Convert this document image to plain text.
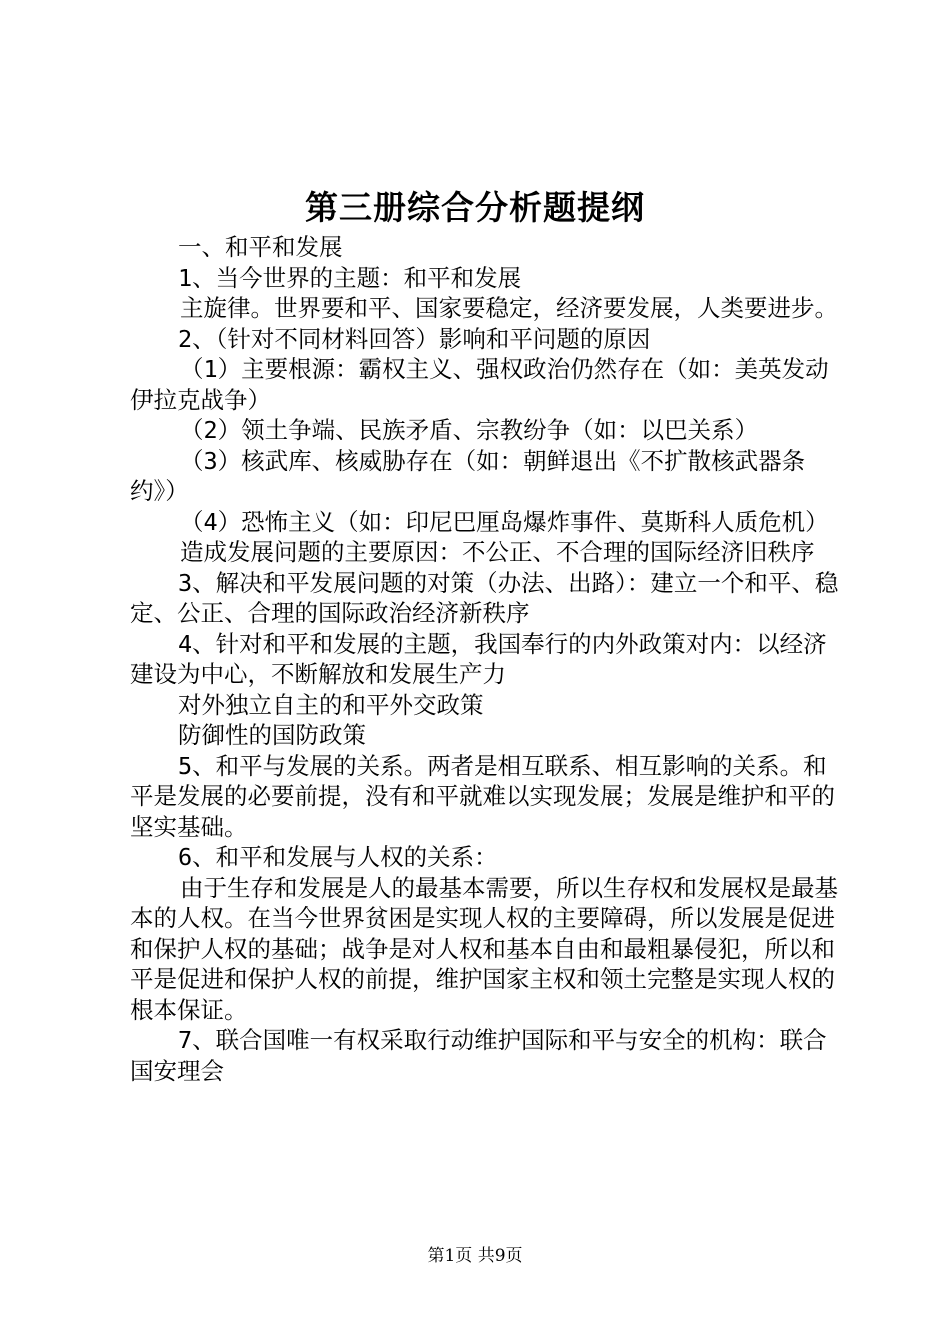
第三册综合分析题提纲

一、和平和发展

1、当今世界的主题：和平和发展

主旋律。世界要和平、国家要稳定，经济要发展，人类要进步。

2、（针对不同材料回答）影响和平问题的原因

（1）主要根源：霸权主义、强权政治仍然存在（如：美英发动伊拉克战争）

（2）领土争端、民族矛盾、宗教纷争（如：以巴关系）

（3）核武库、核威胁存在（如：朝鲜退出《不扩散核武器条约》）

（4）恐怖主义（如：印尼巴厘岛爆炸事件、莫斯科人质危机）

造成发展问题的主要原因：不公正、不合理的国际经济旧秩序

3、解决和平发展问题的对策（办法、出路）：建立一个和平、稳定、公正、合理的国际政治经济新秩序

4、针对和平和发展的主题，我国奉行的内外政策对内：以经济建设为中心，不断解放和发展生产力

对外独立自主的和平外交政策

防御性的国防政策

5、和平与发展的关系。两者是相互联系、相互影响的关系。和平是发展的必要前提，没有和平就难以实现发展；发展是维护和平的坚实基础。

6、和平和发展与人权的关系：

由于生存和发展是人的最基本需要，所以生存权和发展权是最基本的人权。在当今世界贫困是实现人权的主要障碍，所以发展是促进和保护人权的基础；战争是对人权和基本自由和最粗暴侵犯，所以和平是促进和保护人权的前提，维护国家主权和领土完整是实现人权的根本保证。

7、联合国唯一有权采取行动维护国际和平与安全的机构：联合国安理会

第1页 共9页
